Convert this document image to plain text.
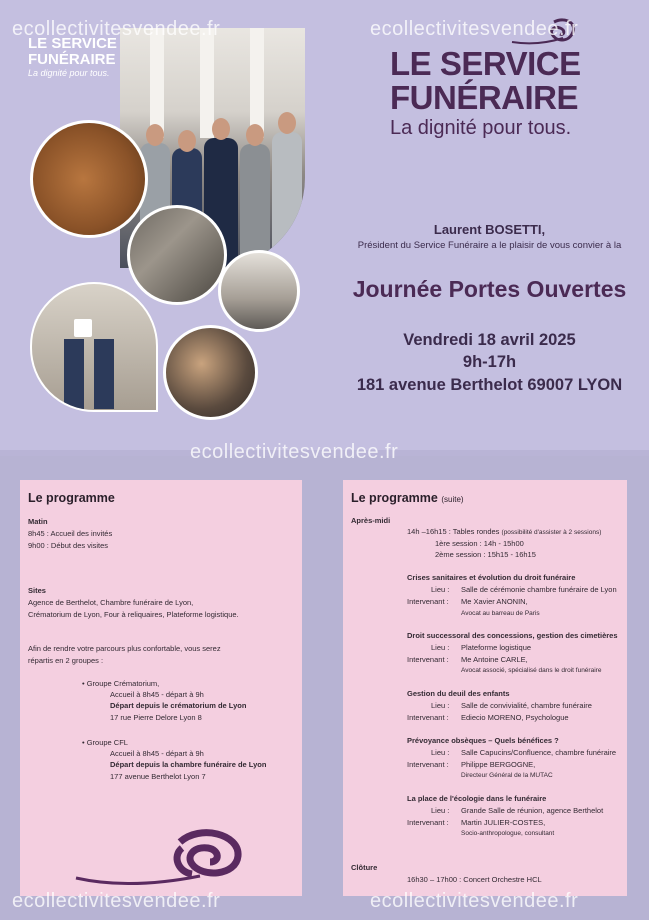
LE SERVICE
FUNÉRAIRE
La dignité pour tous.	LE SERVICE
FUNÉRAIRE
La dignité pour tous.
Laurent BOSETTI,
Président du Service Funéraire a le plaisir de vous convier à la
Journée Portes Ouvertes
Vendredi 18 avril 2025
9h-17h
181 avenue Berthelot 69007 LYON
Le programme
Matin
8h45 : Accueil des invités
9h00 : Début des visites
Sites
Agence de Berthelot, Chambre funéraire de Lyon,
Crématorium de Lyon, Four à reliquaires, Plateforme logistique.
Afin de rendre votre parcours plus confortable, vous serez
répartis en 2 groupes :
• Groupe Crématorium,
Accueil à 8h45 - départ à 9h
Départ depuis le crématorium de Lyon
17 rue Pierre Delore Lyon 8
• Groupe CFL
Accueil à 8h45 - départ à 9h
Départ depuis la chambre funéraire de Lyon
177 avenue Berthelot Lyon 7
Le programme (suite)
Après-midi
14h –16h15 : Tables rondes (possibilité d'assister à 2 sessions)
1ère session : 14h - 15h00
2ème session : 15h15 - 16h15
Crises sanitaires et évolution du droit funéraire
Lieu : Salle de cérémonie chambre funéraire de Lyon
Intervenant : Me Xavier ANONIN,
Avocat au barreau de Paris
Droit successoral des concessions, gestion des cimetières
Lieu : Plateforme logistique
Intervenant : Me Antoine CARLE,
Avocat associé, spécialisé dans le droit funéraire
Gestion du deuil des enfants
Lieu : Salle de convivialité, chambre funéraire
Intervenant : Ediecio MORENO, Psychologue
Prévoyance obsèques – Quels bénéfices ?
Lieu : Salle Capucins/Confluence, chambre funéraire
Intervenant : Philippe BERGOGNE,
Directeur Général de la MUTAC
La place de l'écologie dans le funéraire
Lieu : Grande Salle de réunion, agence Berthelot
Intervenant : Martin JULIER-COSTES,
Socio-anthropologue, consultant
Clôture
16h30 – 17h00 : Concert Orchestre HCL
ecollectivitesvendee.fr	ecollectivitesvendee.fr
ecollectivitesvendee.fr
ecollectivitesvendee.fr	ecollectivitesvendee.fr
